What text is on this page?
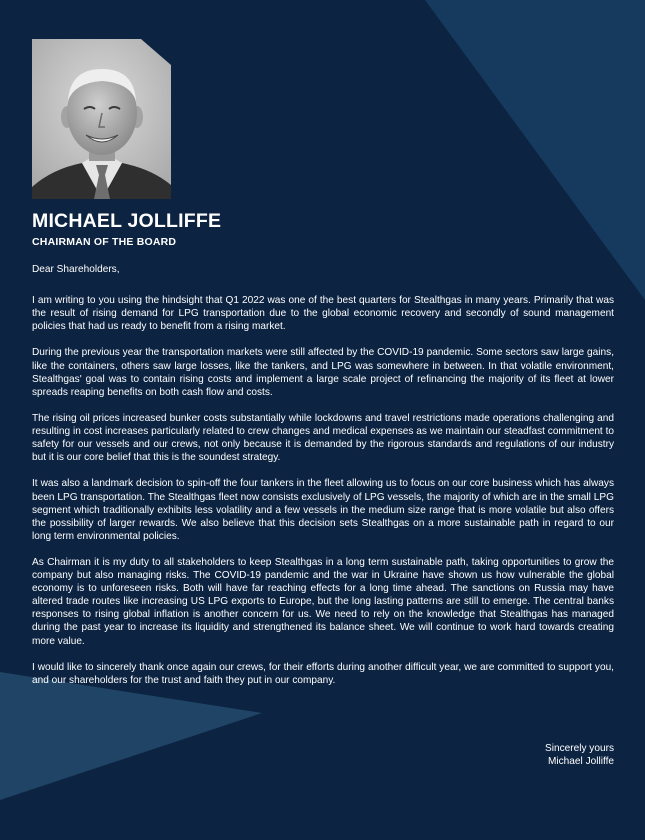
MICHAEL JOLLIFFE
CHAIRMAN OF THE BOARD

Dear Shareholders,

I am writing to you using the hindsight that Q1 2022 was one of the best quarters for Stealthgas in many years. Primarily that was the result of rising demand for LPG transportation due to the global economic recovery and secondly of sound management policies that had us ready to benefit from a rising market.

During the previous year the transportation markets were still affected by the COVID-19 pandemic. Some sectors saw large gains, like the containers, others saw large losses, like the tankers, and LPG was somewhere in between. In that volatile environment, Stealthgas' goal was to contain rising costs and implement a large scale project of refinancing the majority of its fleet at lower spreads reaping benefits on both cash flow and costs.

The rising oil prices increased bunker costs substantially while lockdowns and travel restrictions made operations challenging and resulting in cost increases particularly related to crew changes and medical expenses as we maintain our steadfast commitment to safety for our vessels and our crews, not only because it is demanded by the rigorous standards and regulations of our industry but it is our core belief that this is the soundest strategy.

It was also a landmark decision to spin-off the four tankers in the fleet allowing us to focus on our core business which has always been LPG transportation. The Stealthgas fleet now consists exclusively of LPG vessels, the majority of which are in the small LPG segment which traditionally exhibits less volatility and a few vessels in the medium size range that is more volatile but also offers the possibility of larger rewards. We also believe that this decision sets Stealthgas on a more sustainable path in regard to our long term environmental policies.

As Chairman it is my duty to all stakeholders to keep Stealthgas in a long term sustainable path, taking opportunities to grow the company but also managing risks. The COVID-19 pandemic and the war in Ukraine have shown us how vulnerable the global economy is to unforeseen risks. Both will have far reaching effects for a long time ahead. The sanctions on Russia may have altered trade routes like increasing US LPG exports to Europe, but the long lasting patterns are still to emerge. The central banks responses to rising global inflation is another concern for us. We need to rely on the knowledge that Stealthgas has managed during the past year to increase its liquidity and strengthened its balance sheet. We will continue to work hard towards creating more value.

I would like to sincerely thank once again our crews, for their efforts during another difficult year, we are committed to support you, and our shareholders for the trust and faith they put in our company.

Sincerely yours
Michael Jolliffe
